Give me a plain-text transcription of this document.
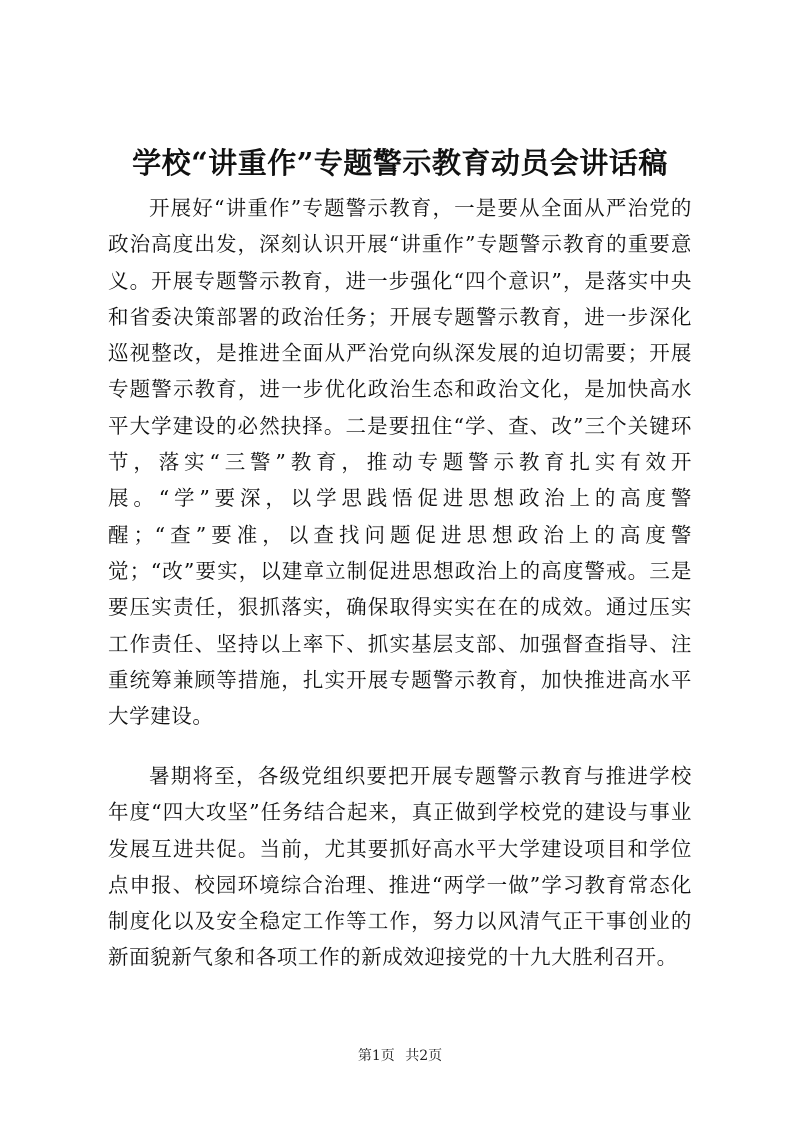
学校“讲重作”专题警示教育动员会讲话稿

开展好“讲重作”专题警示教育，一是要从全面从严治党的政治高度出发，深刻认识开展“讲重作”专题警示教育的重要意义。开展专题警示教育，进一步强化“四个意识”，是落实中央和省委决策部署的政治任务；开展专题警示教育，进一步深化巡视整改，是推进全面从严治党向纵深发展的迫切需要；开展专题警示教育，进一步优化政治生态和政治文化，是加快高水平大学建设的必然抉择。二是要扭住“学、查、改”三个关键环节，落实“三警”教育，推动专题警示教育扎实有效开展。“学”要深，以学思践悟促进思想政治上的高度警醒；“查”要准，以查找问题促进思想政治上的高度警觉；“改”要实，以建章立制促进思想政治上的高度警戒。三是要压实责任，狠抓落实，确保取得实实在在的成效。通过压实工作责任、坚持以上率下、抓实基层支部、加强督查指导、注重统筹兼顾等措施，扎实开展专题警示教育，加快推进高水平大学建设。

暑期将至，各级党组织要把开展专题警示教育与推进学校年度“四大攻坚”任务结合起来，真正做到学校党的建设与事业发展互进共促。当前，尤其要抓好高水平大学建设项目和学位点申报、校园环境综合治理、推进“两学一做”学习教育常态化制度化以及安全稳定工作等工作，努力以风清气正干事创业的新面貌新气象和各项工作的新成效迎接党的十九大胜利召开。

第1页 共2页
